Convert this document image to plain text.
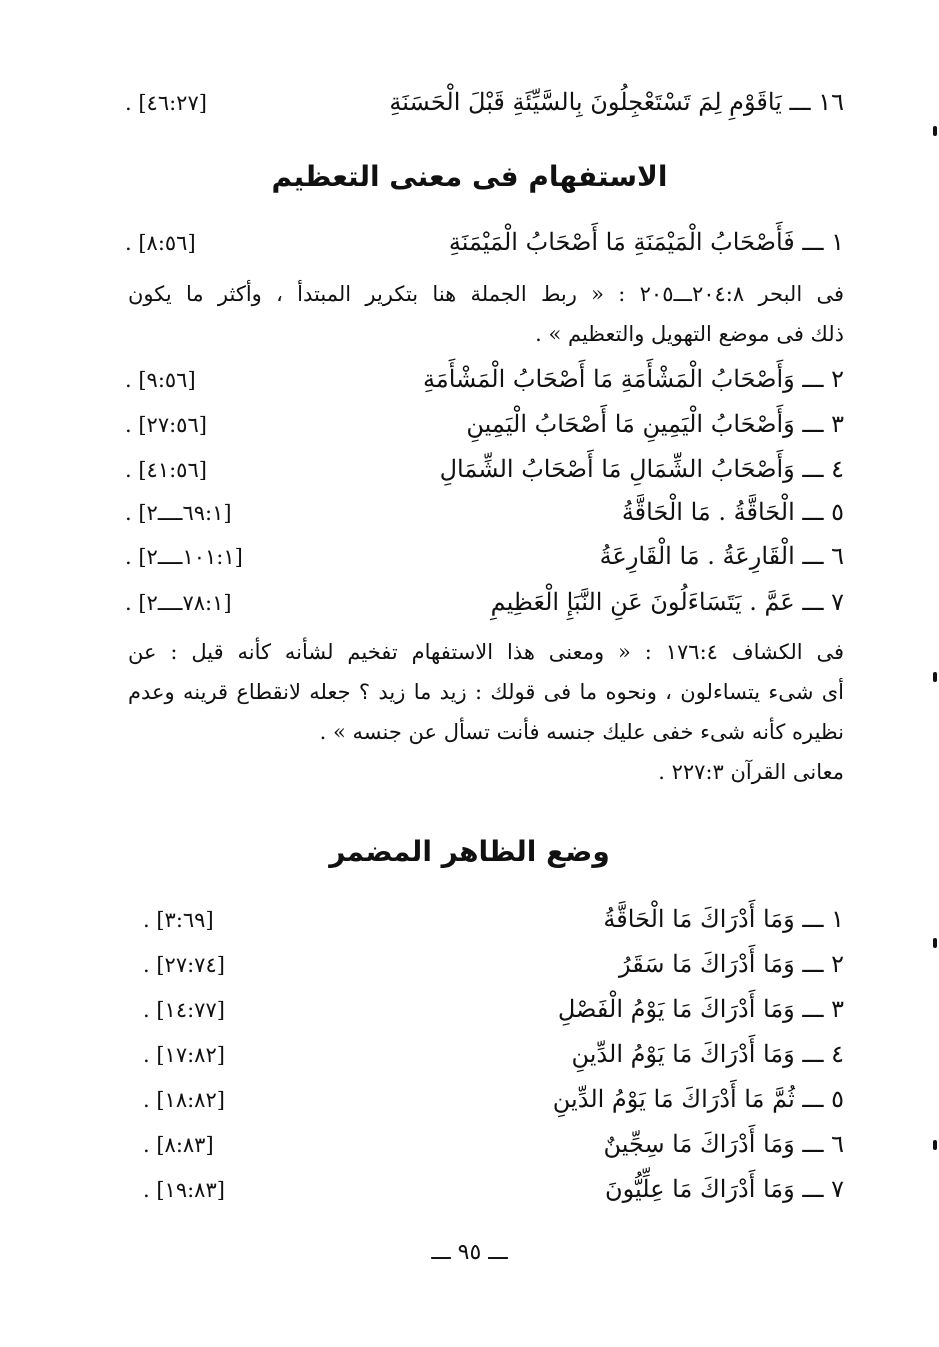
. [٤٦:٢٧]	١٦ ـــ يَاقَوْمِ لِمَ تَسْتَعْجِلُونَ بِالسَّيِّئَةِ قَبْلَ الْحَسَنَةِ
الاستفهام فى معنى التعظيم
. [٨:٥٦]	١ ـــ فَأَصْحَابُ الْمَيْمَنَةِ مَا أَصْحَابُ الْمَيْمَنَةِ
فى البحر ٢٠٤:٨ـــ٢٠٥ : « ربط الجملة هنا بتكرير المبتدأ ، وأكثر ما يكون
ذلك فى موضع التهويل والتعظيم » .
. [٩:٥٦]	٢ ـــ وَأَصْحَابُ الْمَشْأَمَةِ مَا أَصْحَابُ الْمَشْأَمَةِ
. [٢٧:٥٦]	٣ ـــ وَأَصْحَابُ الْيَمِينِ مَا أَصْحَابُ الْيَمِينِ
. [٤١:٥٦]	٤ ـــ وَأَصْحَابُ الشِّمَالِ مَا أَصْحَابُ الشِّمَالِ
. [٦٩:١ــــ٢]	٥ ـــ الْحَاقَّةُ . مَا الْحَاقَّةُ
. [١٠١:١ــــ٢]	٦ ـــ الْقَارِعَةُ . مَا الْقَارِعَةُ
. [٧٨:١ــــ٢]	٧ ـــ عَمَّ . يَتَسَاءَلُونَ عَنِ النَّبَإِ الْعَظِيمِ
فى الكشاف ١٧٦:٤ : « ومعنى هذا الاستفهام تفخيم لشأنه كأنه قيل : عن
أى شىء يتساءلون ، ونحوه ما فى قولك : زيد ما زيد ؟ جعله لانقطاع قرينه وعدم
نظيره كأنه شىء خفى عليك جنسه فأنت تسأل عن جنسه » .
معانى القرآن ٢٢٧:٣ .
وضع الظاهر المضمر
. [٣:٦٩]	١ ـــ وَمَا أَدْرَاكَ مَا الْحَاقَّةُ
. [٢٧:٧٤]	٢ ـــ وَمَا أَدْرَاكَ مَا سَقَرُ
. [١٤:٧٧]	٣ ـــ وَمَا أَدْرَاكَ مَا يَوْمُ الْفَصْلِ
. [١٧:٨٢]	٤ ـــ وَمَا أَدْرَاكَ مَا يَوْمُ الدِّينِ
. [١٨:٨٢]	٥ ـــ ثُمَّ مَا أَدْرَاكَ مَا يَوْمُ الدِّينِ
. [٨:٨٣]	٦ ـــ وَمَا أَدْرَاكَ مَا سِجِّينٌ
. [١٩:٨٣]	٧ ـــ وَمَا أَدْرَاكَ مَا عِلِّيُّونَ
ـــ ٩٥ ـــ
